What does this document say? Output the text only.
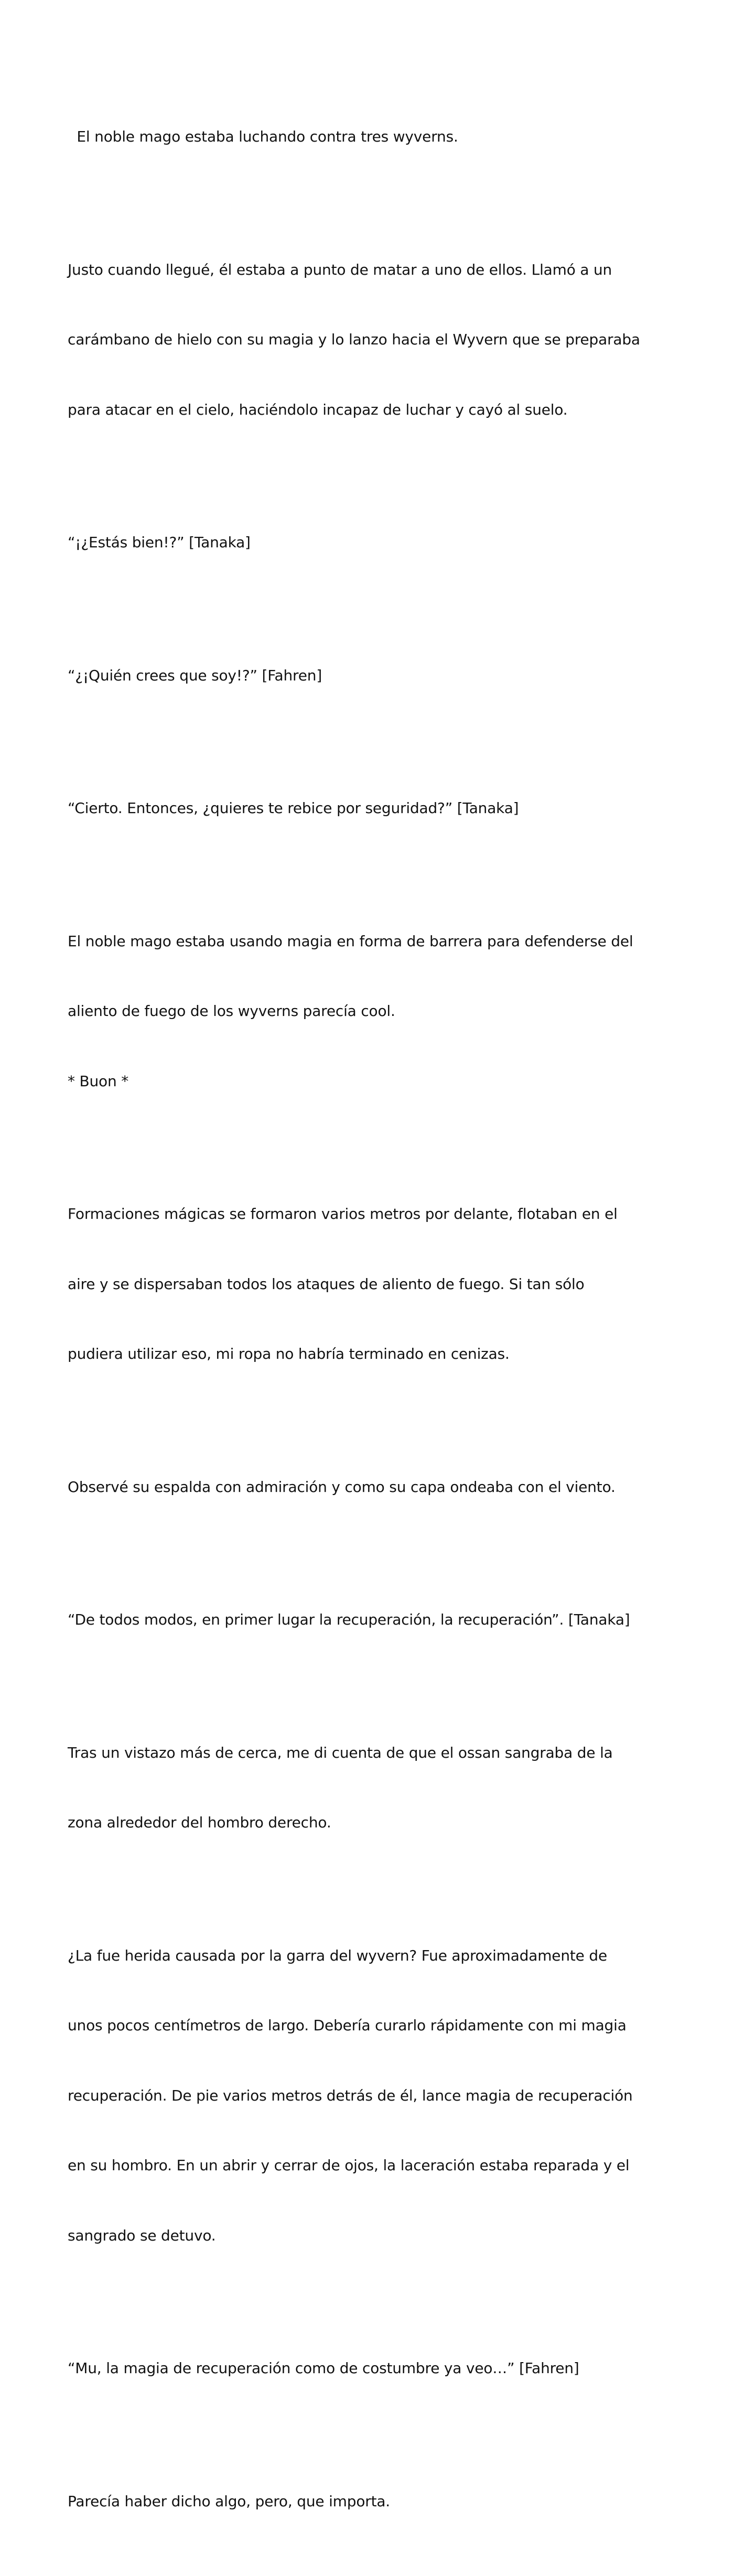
El noble mago estaba luchando contra tres wyverns.

Justo cuando llegué, él estaba a punto de matar a uno de ellos. Llamó a un

carámbano de hielo con su magia y lo lanzo hacia el Wyvern que se preparaba

para atacar en el cielo, haciéndolo incapaz de luchar y cayó al suelo.

“¡¿Estás bien!?” [Tanaka]

“¿¡Quién crees que soy!?” [Fahren]

“Cierto. Entonces, ¿quieres te rebice por seguridad?” [Tanaka]

El noble mago estaba usando magia en forma de barrera para defenderse del

aliento de fuego de los wyverns parecía cool.

* Buon *

Formaciones mágicas se formaron varios metros por delante, flotaban en el

aire y se dispersaban todos los ataques de aliento de fuego. Si tan sólo

pudiera utilizar eso, mi ropa no habría terminado en cenizas.

Observé su espalda con admiración y como su capa ondeaba con el viento.

“De todos modos, en primer lugar la recuperación, la recuperación”. [Tanaka]

Tras un vistazo más de cerca, me di cuenta de que el ossan sangraba de la

zona alrededor del hombro derecho.

¿La fue herida causada por la garra del wyvern? Fue aproximadamente de

unos pocos centímetros de largo. Debería curarlo rápidamente con mi magia

recuperación. De pie varios metros detrás de él, lance magia de recuperación

en su hombro. En un abrir y cerrar de ojos, la laceración estaba reparada y el

sangrado se detuvo.

“Mu, la magia de recuperación como de costumbre ya veo…” [Fahren]

Parecía haber dicho algo, pero, que importa.
